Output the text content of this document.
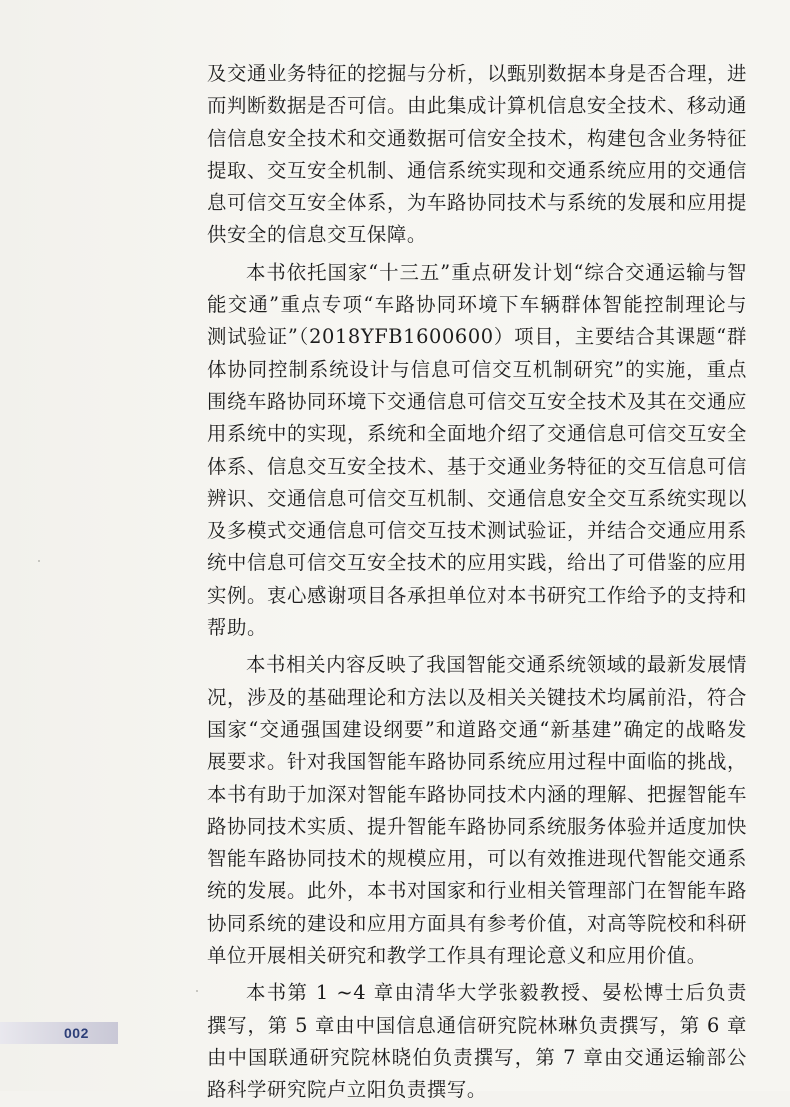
及交通业务特征的挖掘与分析，以甄别数据本身是否合理，进而判断数据是否可信。由此集成计算机信息安全技术、移动通信信息安全技术和交通数据可信安全技术，构建包含业务特征提取、交互安全机制、通信系统实现和交通系统应用的交通信息可信交互安全体系，为车路协同技术与系统的发展和应用提供安全的信息交互保障。

本书依托国家“十三五”重点研发计划“综合交通运输与智能交通”重点专项“车路协同环境下车辆群体智能控制理论与测试验证”（2018YFB1600600）项目，主要结合其课题“群体协同控制系统设计与信息可信交互机制研究”的实施，重点围绕车路协同环境下交通信息可信交互安全技术及其在交通应用系统中的实现，系统和全面地介绍了交通信息可信交互安全体系、信息交互安全技术、基于交通业务特征的交互信息可信辨识、交通信息可信交互机制、交通信息安全交互系统实现以及多模式交通信息可信交互技术测试验证，并结合交通应用系统中信息可信交互安全技术的应用实践，给出了可借鉴的应用实例。衷心感谢项目各承担单位对本书研究工作给予的支持和帮助。

本书相关内容反映了我国智能交通系统领域的最新发展情况，涉及的基础理论和方法以及相关关键技术均属前沿，符合国家“交通强国建设纲要”和道路交通“新基建”确定的战略发展要求。针对我国智能车路协同系统应用过程中面临的挑战，本书有助于加深对智能车路协同技术内涵的理解、把握智能车路协同技术实质、提升智能车路协同系统服务体验并适度加快智能车路协同技术的规模应用，可以有效推进现代智能交通系统的发展。此外，本书对国家和行业相关管理部门在智能车路协同系统的建设和应用方面具有参考价值，对高等院校和科研单位开展相关研究和教学工作具有理论意义和应用价值。

本书第 1 ~4 章由清华大学张毅教授、晏松博士后负责撰写，第 5 章由中国信息通信研究院林琳负责撰写，第 6 章由中国联通研究院林晓伯负责撰写，第 7 章由交通运输部公路科学研究院卢立阳负责撰写。

002
